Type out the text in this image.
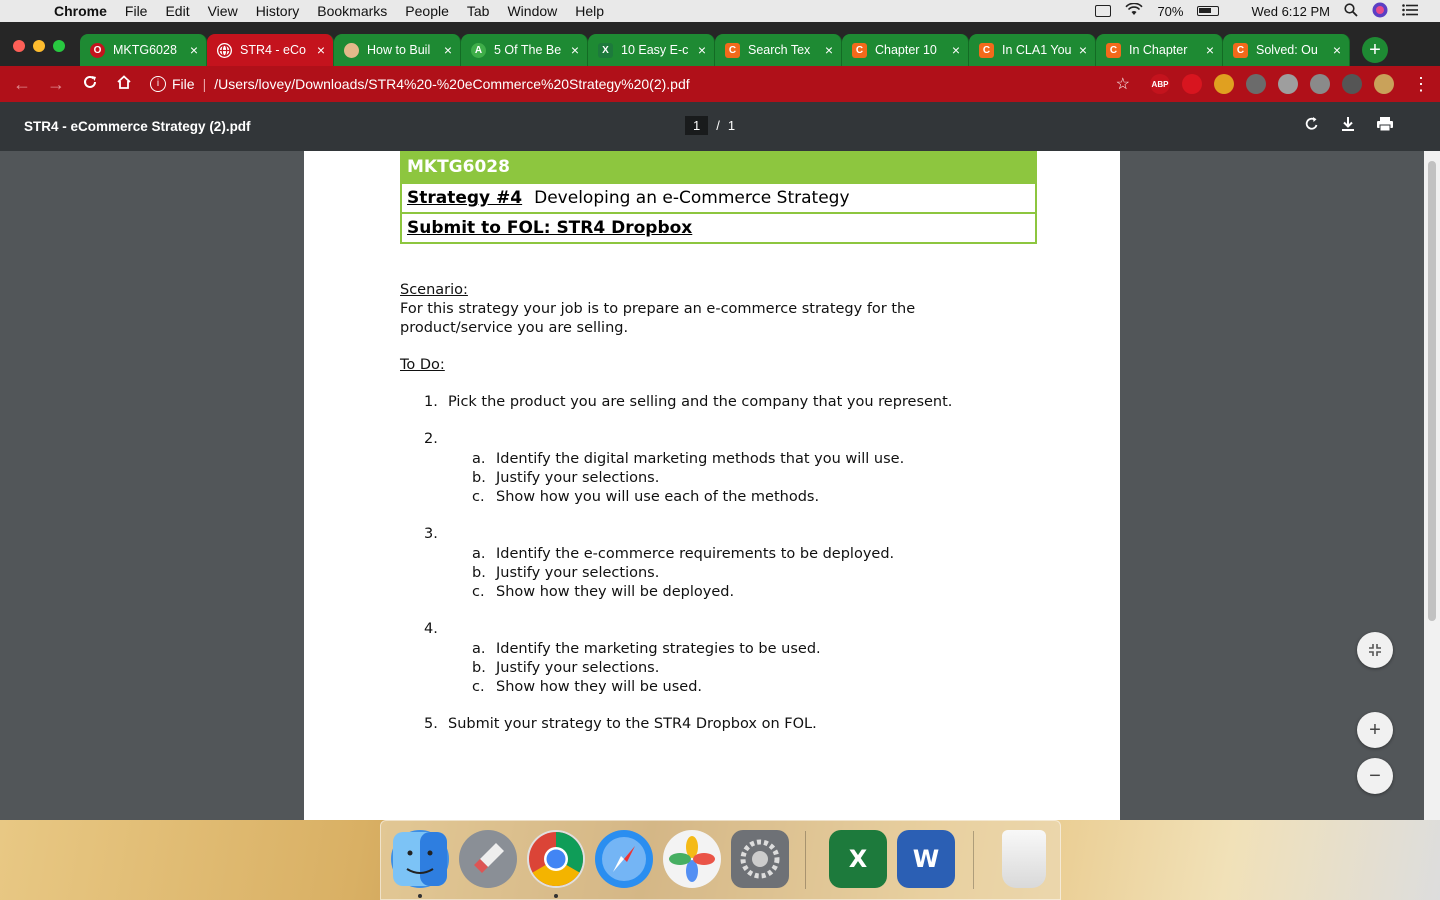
Chrome	File	Edit	View	History	Bookmarks	People	Tab	Window	Help	70%	Wed 6:12 PM
O MKTG6028 ×	STR4 - eCo ×	How to Buil ×	A 5 Of The Be ×	X 10 Easy E-c ×	C Search Tex	×	C Chapter 10	×	C In CLA1 You ×	C In Chapter	×	C Solved: Ou	×	+
← →	i File | /Users/lovey/Downloads/STR4%20-%20eCommerce%20Strategy%20(2).pdf	☆	ABP	⋮
STR4 - eCommerce Strategy (2).pdf	1	/ 1
MKTG6028
Strategy #4 Developing an e-Commerce Strategy
Submit to FOL: STR4 Dropbox
Scenario:
For this strategy your job is to prepare an e-commerce strategy for the product/service you are selling.
To Do:
1. Pick the product you are selling and the company that you represent.
2.
a. Identify the digital marketing methods that you will use.
b. Justify your selections.
c. Show how you will use each of the methods.
3.
a. Identify the e-commerce requirements to be deployed.
b. Justify your selections.
c. Show how they will be deployed.
4.
a. Identify the marketing strategies to be used.
b. Justify your selections.
c. Show how they will be used.
5. Submit your strategy to the STR4 Dropbox on FOL.	+
−
X	W
